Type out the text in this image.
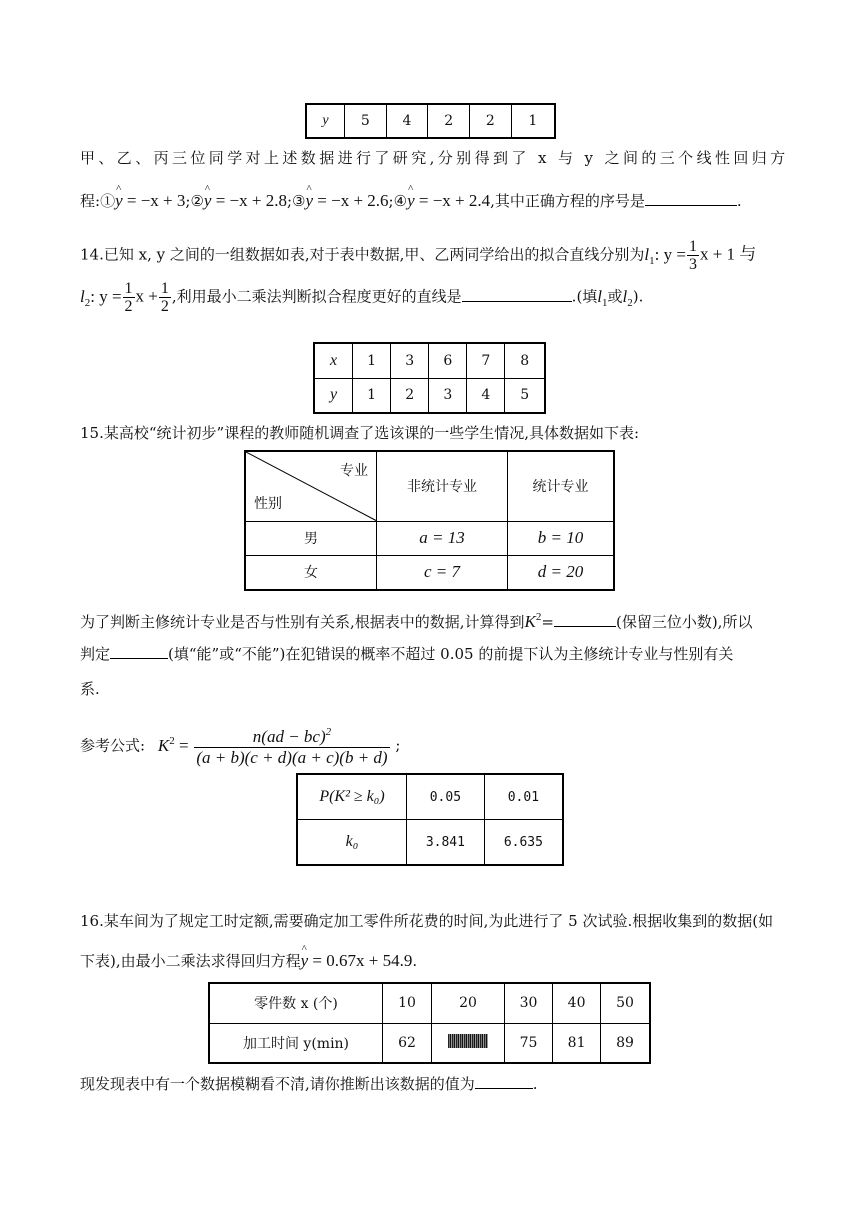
y	5	4	2	2	1
甲、乙、丙三位同学对上述数据进行了研究,分别得到了 x 与 y 之间的三个线性回归方
程:①^ y = −x + 3;②^ y = −x + 2.8;③^ y = −x + 2.6;④^ y = −x + 2.4,其中正确方程的序号是	.
14.已知 x, y 之间的一组数据如表,对于表中数据,甲、乙两同学给出的拟合直线分别为$l_1$: $y = \frac{1}{3}$ x + 1 与
$l_2$: $y = \frac{1}{2}$ $x + \frac{1}{2}$ ,利用最小二乘法判断拟合程度更好的直线是	.(填$l_1$或$l_2$).
x	1	3	6	7	8
y	1	2	3	4	5
15.某高校“统计初步”课程的教师随机调查了选该课的一些学生情况,具体数据如下表:
专业
性别	非统计专业	统计专业
男	a = 13	b = 10
女	c = 7	d = 20
为了判断主修统计专业是否与性别有关系,根据表中的数据,计算得到$K^2=$	(保留三位小数),所以
判定	(填“能”或“不能”)在犯错误的概率不超过 0.05 的前提下认为主修统计专业与性别有关
系.
参考公式: $K^2 = \frac{n(ad - bc)^2}{(a + b)(c + d)(a + c)(b + d)}$ ;
P(K² ≥ k₀)	0.05	0.01
k₀	3.841	6.635
16.某车间为了规定工时定额,需要确定加工零件所花费的时间,为此进行了 5 次试验.根据收集到的数据(如
下表),由最小二乘法求得回归方程^ y = 0.67x + 54.9.
零件数 x (个)	10	20	30	40	50
加工时间 y(min)	62		75	81	89
现发现表中有一个数据模糊看不清,请你推断出该数据的值为	.
